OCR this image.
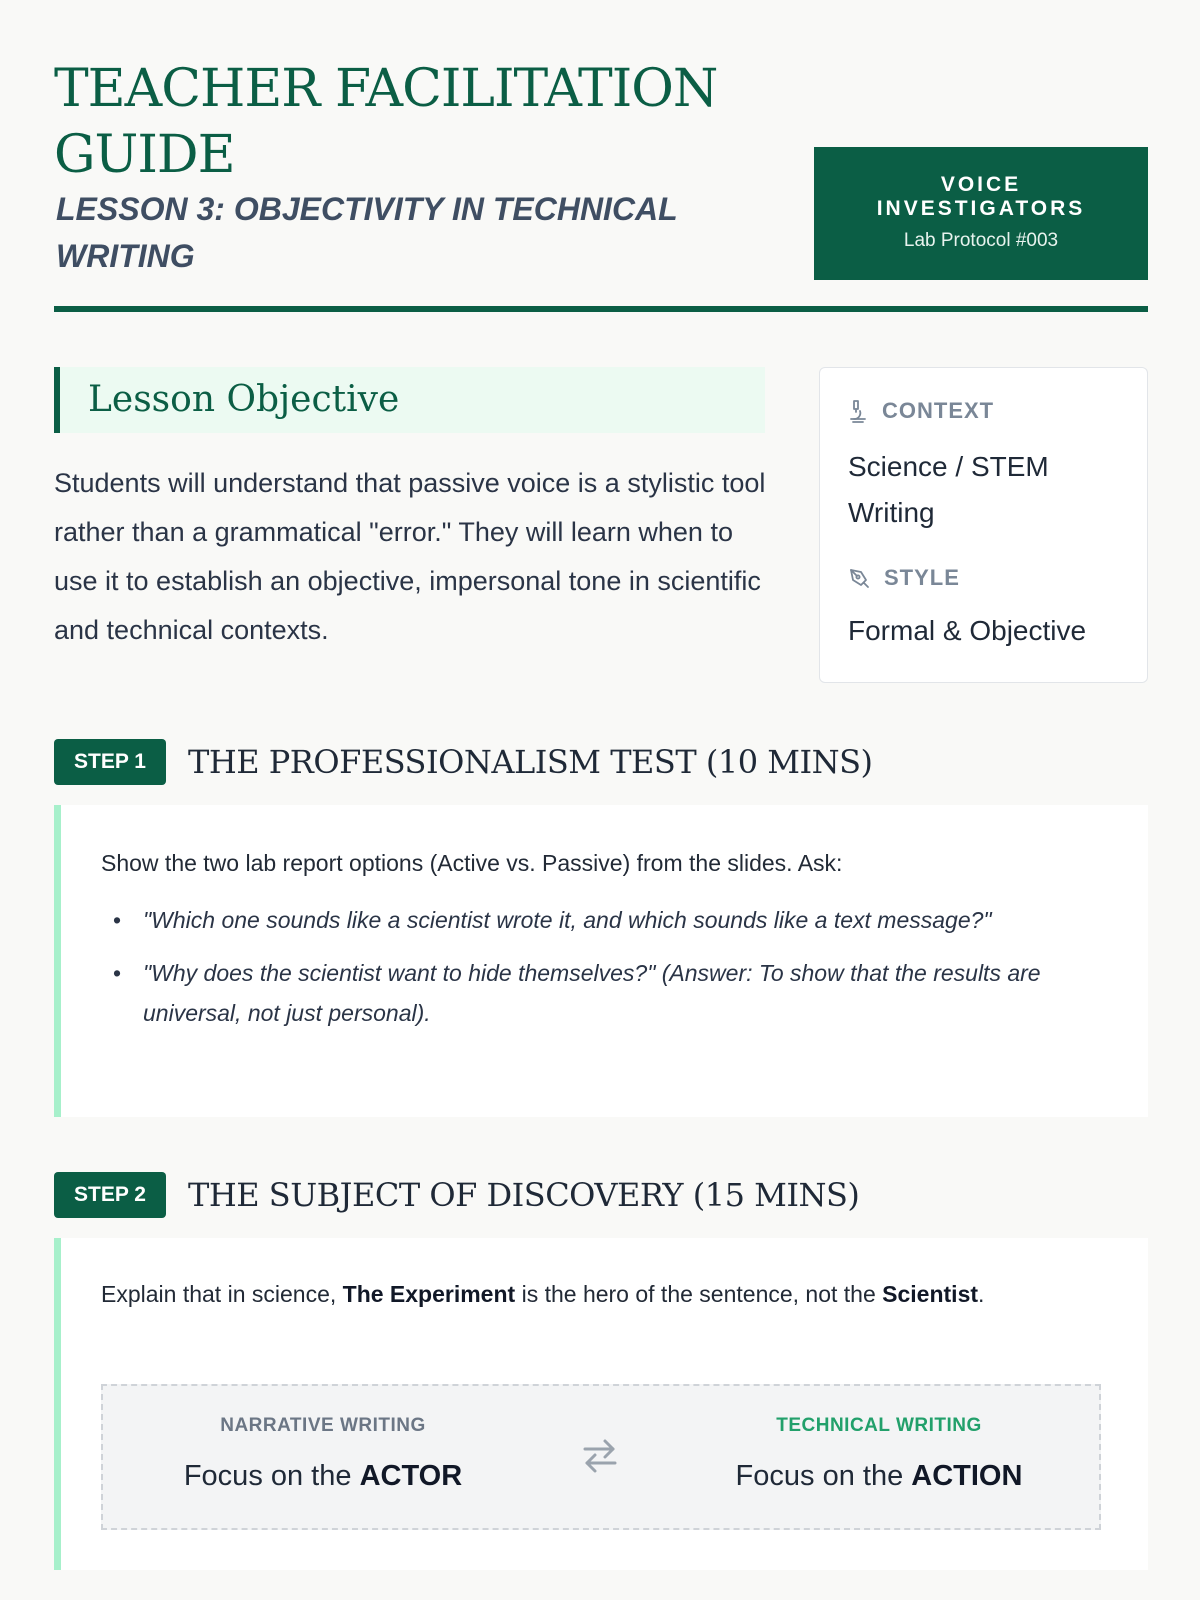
TEACHER FACILITATION GUIDE

LESSON 3: OBJECTIVITY IN TECHNICAL WRITING

VOICE INVESTIGATORS
Lab Protocol #003
Lesson Objective

Students will understand that passive voice is a stylistic tool rather than a grammatical "error." They will learn when to use it to establish an objective, impersonal tone in scientific and technical contexts.

CONTEXT
Science / STEM Writing
STYLE
Formal & Objective
STEP 1	THE PROFESSIONALISM TEST (10 MINS)

Show the two lab report options (Active vs. Passive) from the slides. Ask:

• "Which one sounds like a scientist wrote it, and which sounds like a text message?"
• "Why does the scientist want to hide themselves?" (Answer: To show that the results are universal, not just personal).
STEP 2	THE SUBJECT OF DISCOVERY (15 MINS)

Explain that in science, The Experiment is the hero of the sentence, not the Scientist.

NARRATIVE WRITING
Focus on the ACTOR
TECHNICAL WRITING
Focus on the ACTION
